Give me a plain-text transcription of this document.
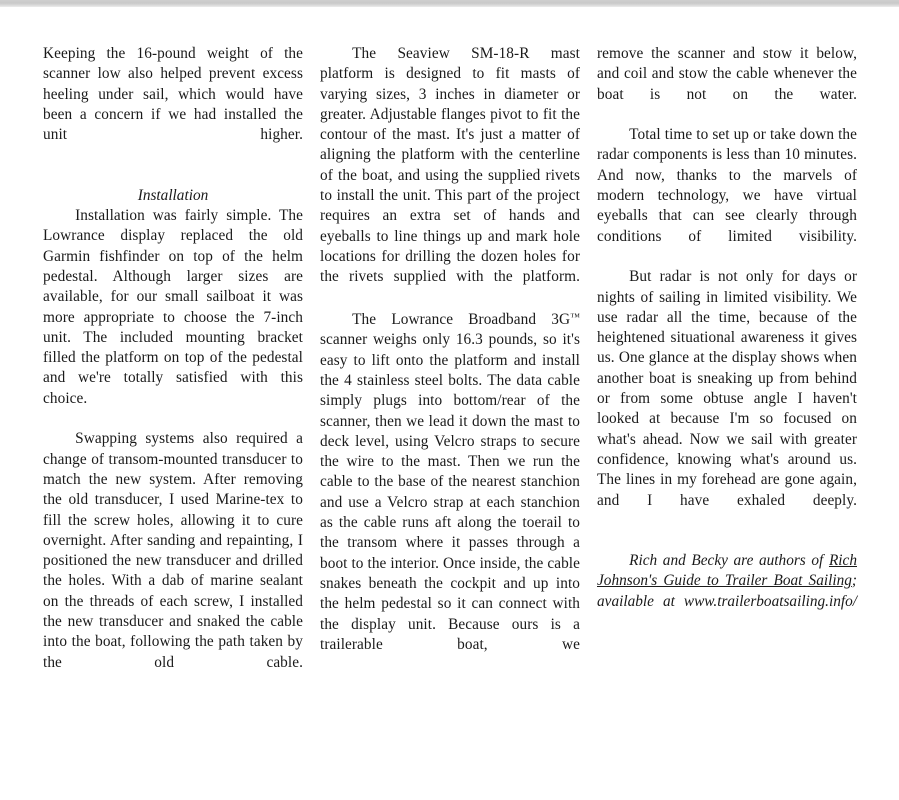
Keeping the 16-pound weight of the scanner low also helped prevent excess heeling under sail, which would have been a concern if we had installed the unit higher.

Installation

Installation was fairly simple. The Lowrance display replaced the old Garmin fishfinder on top of the helm pedestal. Although larger sizes are available, for our small sailboat it was more appropriate to choose the 7-inch unit. The included mounting bracket filled the platform on top of the pedestal and we're totally satisfied with this choice.

Swapping systems also required a change of transom-mounted transducer to match the new system. After removing the old transducer, I used Marine-tex to fill the screw holes, allowing it to cure overnight. After sanding and repainting, I positioned the new transducer and drilled the holes. With a dab of marine sealant on the threads of each screw, I installed the new transducer and snaked the cable into the boat, following the path taken by the old cable.

The Seaview SM-18-R mast platform is designed to fit masts of varying sizes, 3 inches in diameter or greater. Adjustable flanges pivot to fit the contour of the mast. It's just a matter of aligning the platform with the centerline of the boat, and using the supplied rivets to install the unit. This part of the project requires an extra set of hands and eyeballs to line things up and mark hole locations for drilling the dozen holes for the rivets supplied with the platform.

The Lowrance Broadband 3G™ scanner weighs only 16.3 pounds, so it's easy to lift onto the platform and install the 4 stainless steel bolts. The data cable simply plugs into bottom/rear of the scanner, then we lead it down the mast to deck level, using Velcro straps to secure the wire to the mast. Then we run the cable to the base of the nearest stanchion and use a Velcro strap at each stanchion as the cable runs aft along the toerail to the transom where it passes through a boot to the interior. Once inside, the cable snakes beneath the cockpit and up into the helm pedestal so it can connect with the display unit. Because ours is a trailerable boat, we

remove the scanner and stow it below, and coil and stow the cable whenever the boat is not on the water.

Total time to set up or take down the radar components is less than 10 minutes. And now, thanks to the marvels of modern technology, we have virtual eyeballs that can see clearly through conditions of limited visibility.

But radar is not only for days or nights of sailing in limited visibility. We use radar all the time, because of the heightened situational awareness it gives us. One glance at the display shows when another boat is sneaking up from behind or from some obtuse angle I haven't looked at because I'm so focused on what's ahead. Now we sail with greater confidence, knowing what's around us. The lines in my forehead are gone again, and I have exhaled deeply.

Rich and Becky are authors of Rich Johnson's Guide to Trailer Boat Sailing; available at www.trailerboatsailing.info/
